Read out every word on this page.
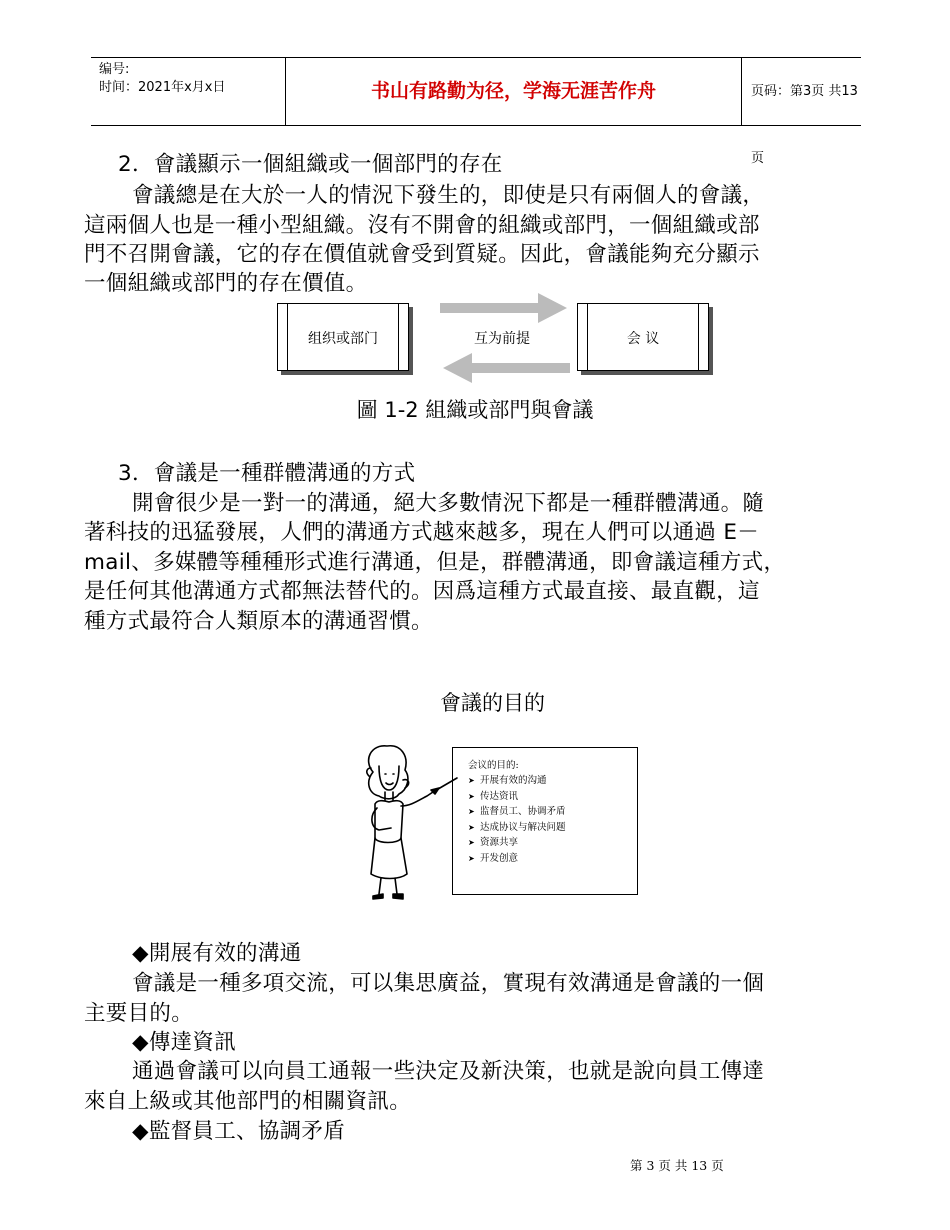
编号:
时间：2021年x月x日	书山有路勤为径，学海无涯苦作舟	页码：第3页 共13页
2．會議顯示一個組織或一個部門的存在
會議總是在大於一人的情況下發生的，即使是只有兩個人的會議，
這兩個人也是一種小型組織。沒有不開會的組織或部門，一個組織或部
門不召開會議，它的存在價值就會受到質疑。因此，會議能夠充分顯示
一個組織或部門的存在價值。
组织或部门	会 议
互为前提
圖 1-2 組織或部門與會議
3．會議是一種群體溝通的方式
開會很少是一對一的溝通，絕大多數情況下都是一種群體溝通。隨
著科技的迅猛發展，人們的溝通方式越來越多，現在人們可以通過 E－
mail、多媒體等種種形式進行溝通，但是，群體溝通，即會議這種方式，
是任何其他溝通方式都無法替代的。因爲這種方式最直接、最直觀，這
種方式最符合人類原本的溝通習慣。
會議的目的
会议的目的:
➤ 开展有效的沟通
➤ 传达资讯
➤ 监督员工、协调矛盾
➤ 达成协议与解决问题
➤ 资源共享
➤ 开发创意
◆開展有效的溝通
會議是一種多項交流，可以集思廣益，實現有效溝通是會議的一個
主要目的。
◆傳達資訊
通過會議可以向員工通報一些決定及新決策，也就是說向員工傳達
來自上級或其他部門的相關資訊。
◆監督員工、協調矛盾
第 3 页 共 13 页
